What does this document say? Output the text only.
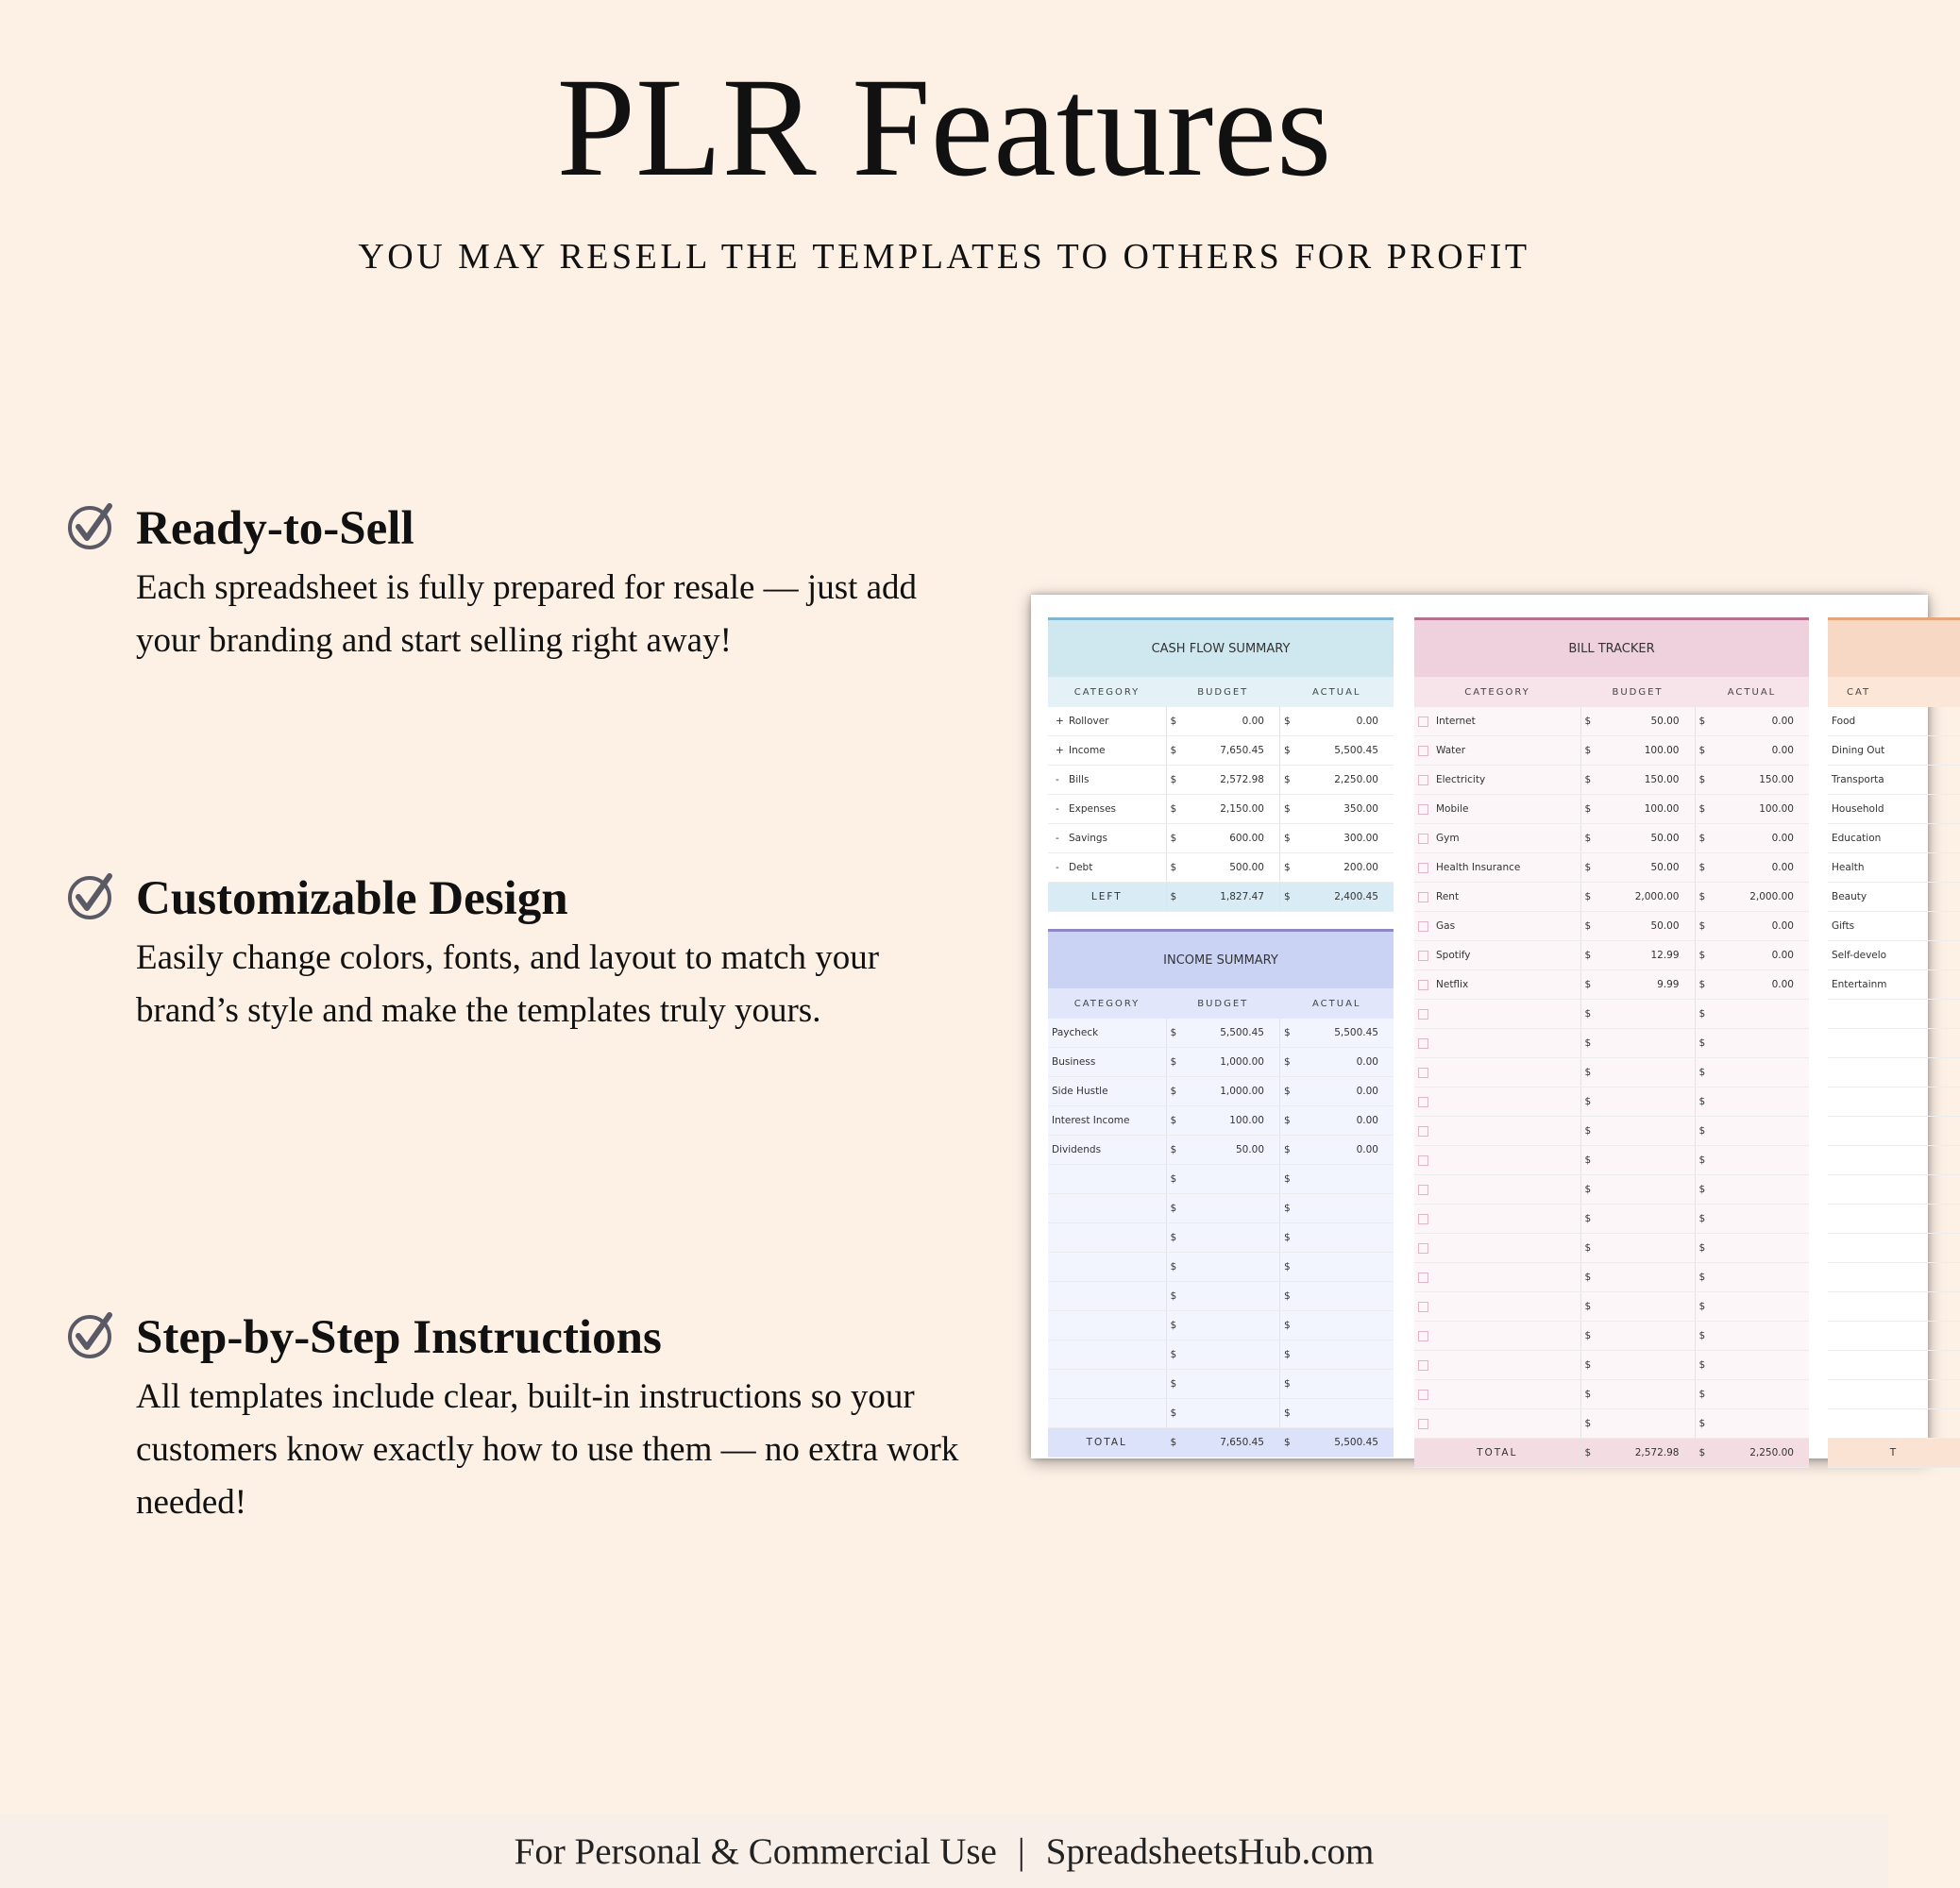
PLR Features
YOU MAY RESELL THE TEMPLATES TO OTHERS FOR PROFIT
Ready-to-Sell

Each spreadsheet is fully prepared for resale — just add your branding and start selling right away!

Customizable Design

Easily change colors, fonts, and layout to match your brand’s style and make the templates truly yours.

Step-by-Step Instructions

All templates include clear, built-in instructions so your customers know exactly how to use them — no extra work needed!

CASH FLOW SUMMARY
CATEGORY	BUDGET		ACTUAL	
+ Rollover	$	0.00	$	0.00
+ Income	$	7,650.45	$	5,500.45
- Bills	$	2,572.98	$	2,250.00
- Expenses	$	2,150.00	$	350.00
- Savings	$	600.00	$	300.00
- Debt	$	500.00	$	200.00
LEFT	$	1,827.47	$	2,400.45
INCOME SUMMARY
CATEGORY	BUDGET		ACTUAL	
Paycheck	$	5,500.45	$	5,500.45
Business	$	1,000.00	$	0.00
Side Hustle	$	1,000.00	$	0.00
Interest Income	$	100.00	$	0.00
Dividends	$	50.00	$	0.00
	$		$	
	$		$	
	$		$	
	$		$	
	$		$	
	$		$	
	$		$	
	$		$	
	$		$	
TOTAL	$	7,650.45	$	5,500.45
BILL TRACKER
CATEGORY	BUDGET		ACTUAL	
Internet	$	50.00	$	0.00
Water	$	100.00	$	0.00
Electricity	$	150.00	$	150.00
Mobile	$	100.00	$	100.00
Gym	$	50.00	$	0.00
Health Insurance	$	50.00	$	0.00
Rent	$	2,000.00	$	2,000.00
Gas	$	50.00	$	0.00
Spotify	$	12.99	$	0.00
Netflix	$	9.99	$	0.00
	$		$	
	$		$	
	$		$	
	$		$	
	$		$	
	$		$	
	$		$	
	$		$	
	$		$	
	$		$	
	$		$	
	$		$	
	$		$	
	$		$	
	$		$	
TOTAL	$	2,572.98	$	2,250.00
CAT
Food
Dining Out
Transporta
Household
Education
Health
Beauty
Gifts
Self-develo
Entertainm

T
For Personal & Commercial Use | SpreadsheetsHub.com
